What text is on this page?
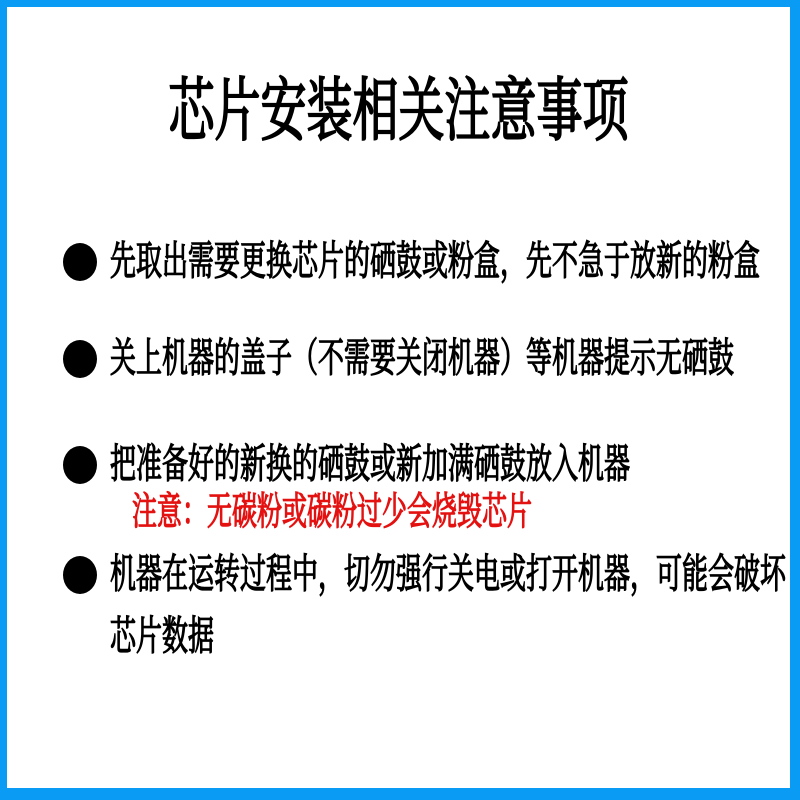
芯片安装相关注意事项
先取出需要更换芯片的硒鼓或粉盒，先不急于放新的粉盒
关上机器的盖子（不需要关闭机器）等机器提示无硒鼓
把准备好的新换的硒鼓或新加满硒鼓放入机器
注意：无碳粉或碳粉过少会烧毁芯片
机器在运转过程中，切勿强行关电或打开机器，可能会破坏
芯片数据
